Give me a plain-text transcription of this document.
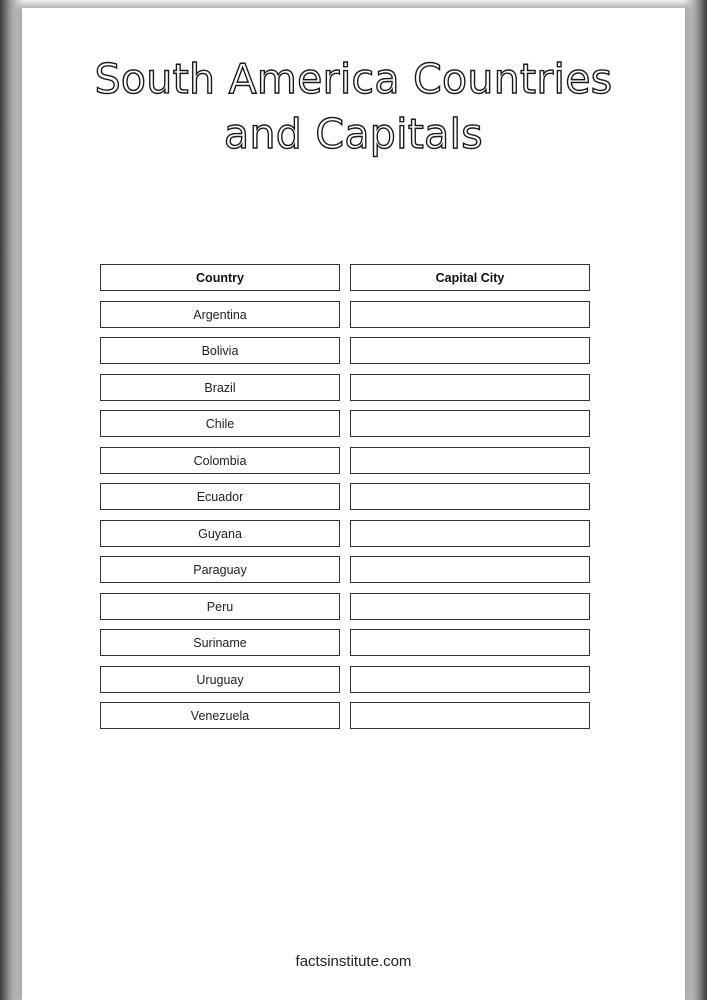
South America Countries
and Capitals
Country	Capital City
Argentina
Bolivia
Brazil
Chile
Colombia
Ecuador
Guyana
Paraguay
Peru
Suriname
Uruguay
Venezuela
factsinstitute.com
